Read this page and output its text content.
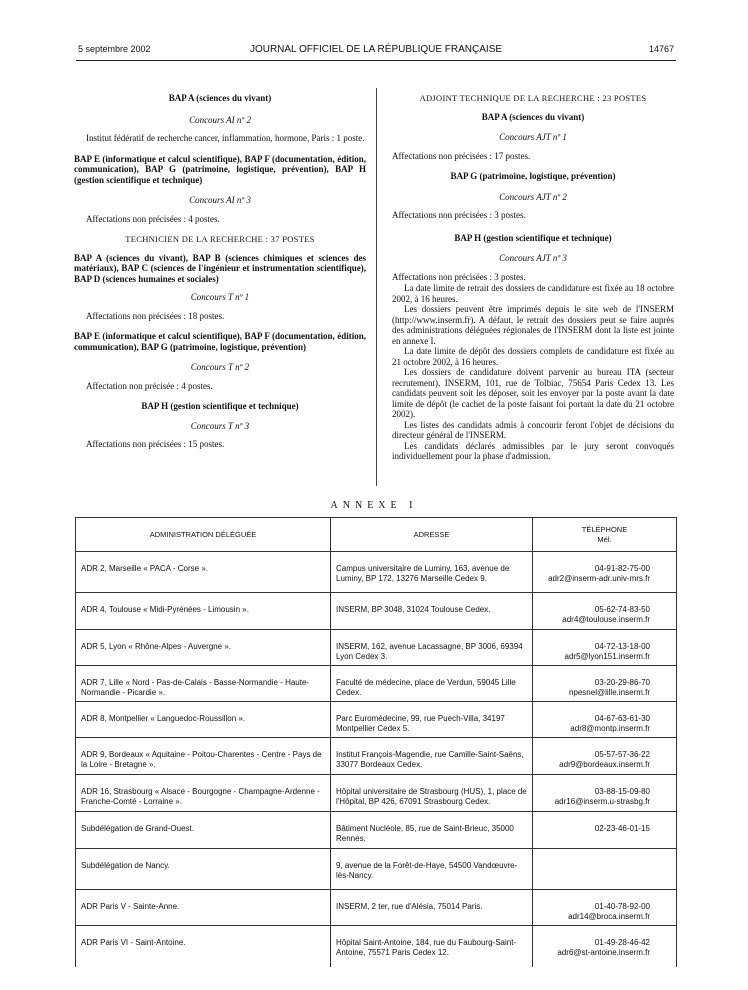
5 septembre 2002	JOURNAL OFFICIEL DE LA RÉPUBLIQUE FRANÇAISE	14767

BAP A (sciences du vivant)

Concours AI nº 2

Institut fédératif de recherche cancer, inflammation, hormone, Paris : 1 poste.

BAP E (informatique et calcul scientifique), BAP F (documentation, édition, communication), BAP G (patrimoine, logistique, prévention), BAP H (gestion scientifique et technique)

Concours AI nº 3

Affectations non précisées : 4 postes.

TECHNICIEN DE LA RECHERCHE : 37 POSTES

BAP A (sciences du vivant), BAP B (sciences chimiques et sciences des matériaux), BAP C (sciences de l'ingénieur et instrumentation scientifique), BAP D (sciences humaines et sociales)

Concours T nº 1

Affectations non précisées : 18 postes.

BAP E (informatique et calcul scientifique), BAP F (documentation, édition, communication), BAP G (patrimoine, logistique, prévention)

Concours T nº 2

Affectation non précisée : 4 postes.

BAP H (gestion scientifique et technique)

Concours T nº 3

Affectations non précisées : 15 postes.

ADJOINT TECHNIQUE DE LA RECHERCHE : 23 POSTES

BAP A (sciences du vivant)

Concours AJT nº 1

Affectations non précisées : 17 postes.

BAP G (patrimoine, logistique, prévention)

Concours AJT nº 2

Affectations non précisées : 3 postes.

BAP H (gestion scientifique et technique)

Concours AJT nº 3

Affectations non précisées : 3 postes.

La date limite de retrait des dossiers de candidature est fixée au 18 octobre 2002, à 16 heures.

Les dossiers peuvent être imprimés depuis le site web de l'INSERM (http://www.inserm.fr). A défaut, le retrait des dossiers peut se faire auprès des administrations déléguées régionales de l'INSERM dont la liste est jointe en annexe I.

La date limite de dépôt des dossiers complets de candidature est fixée au 21 octobre 2002, à 16 heures.

Les dossiers de candidature doivent parvenir au bureau ITA (secteur recrutement), INSERM, 101, rue de Tolbiac, 75654 Paris Cedex 13. Les candidats peuvent soit les déposer, soit les envoyer par la poste avant la date limite de dépôt (le cachet de la poste faisant foi portant la date du 21 octobre 2002).

Les listes des candidats admis à concourir feront l'objet de décisions du directeur général de l'INSERM.

Les candidats déclarés admissibles par le jury seront convoqués individuellement pour la phase d'admission.

ANNEXE I
ADMINISTRATION DÉLÉGUÉE	ADRESSE	TÉLÉPHONE
Mél.
ADR 2, Marseille « PACA - Corse ».	Campus universitaire de Luminy, 163, avenue de Luminy, BP 172, 13276 Marseille Cedex 9.	04-91-82-75-00
adr2@inserm-adr.univ-mrs.fr
ADR 4, Toulouse « Midi-Pyrénées - Limousin ».	INSERM, BP 3048, 31024 Toulouse Cedex.	05-62-74-83-50
adr4@toulouse.inserm.fr
ADR 5, Lyon « Rhône-Alpes - Auvergne ».	INSERM, 162, avenue Lacassagne, BP 3006, 69394 Lyon Cedex 3.	04-72-13-18-00
adr5@lyon151.inserm.fr
ADR 7, Lille « Nord - Pas-de-Calais - Basse-Normandie - Haute-Normandie - Picardie ».	Faculté de médecine, place de Verdun, 59045 Lille Cedex.	03-20-29-86-70
npesnel@lille.inserm.fr
ADR 8, Montpellier « Languedoc-Roussillon ».	Parc Euromédecine, 99, rue Puech-Villa, 34197 Montpellier Cedex 5.	04-67-63-61-30
adr8@montp.inserm.fr
ADR 9, Bordeaux « Aquitaine - Poitou-Charentes - Centre - Pays de la Loire - Bretagne ».	Institut François-Magendie, rue Camille-Saint-Saëns, 33077 Bordeaux Cedex.	05-57-57-36-22
adr9@bordeaux.inserm.fr
ADR 16, Strasbourg « Alsace - Bourgogne - Champagne-Ardenne - Franche-Comté - Lorraine ».	Hôpital universitaire de Strasbourg (HUS), 1, place de l'Hôpital, BP 426, 67091 Strasbourg Cedex.	03-88-15-09-80
adr16@inserm.u-strasbg.fr
Subdélégation de Grand-Ouest.	Bâtiment Nucléole, 85, rue de Saint-Brieuc, 35000 Rennes.	02-23-46-01-15
Subdélégation de Nancy.	9, avenue de la Forêt-de-Haye, 54500 Vandœuvre-lès-Nancy.	
ADR Paris V - Sainte-Anne.	INSERM, 2 ter, rue d'Alésia, 75014 Paris.	01-40-78-92-00
adr14@broca.inserm.fr
ADR Paris VI - Saint-Antoine.	Hôpital Saint-Antoine, 184, rue du Faubourg-Saint-Antoine, 75571 Paris Cedex 12.	01-49-28-46-42
adr6@st-antoine.inserm.fr
